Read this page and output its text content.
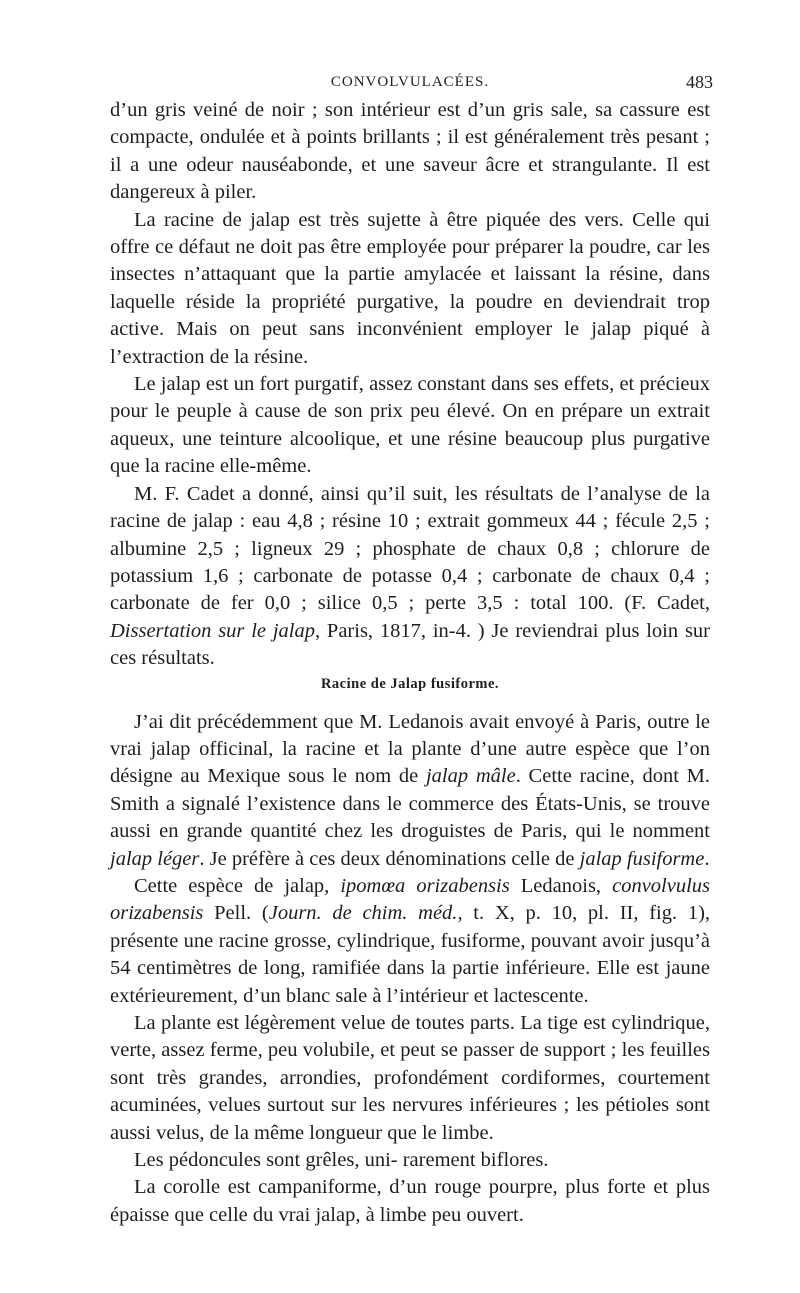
CONVOLVULACÉES.	483

d’un gris veiné de noir ; son intérieur est d’un gris sale, sa cassure est compacte, ondulée et à points brillants ; il est généralement très pesant ; il a une odeur nauséabonde, et une saveur âcre et strangulante. Il est dangereux à piler.

La racine de jalap est très sujette à être piquée des vers. Celle qui offre ce défaut ne doit pas être employée pour préparer la poudre, car les insectes n’attaquant que la partie amylacée et laissant la résine, dans laquelle réside la propriété purgative, la poudre en deviendrait trop active. Mais on peut sans inconvénient employer le jalap piqué à l’extraction de la résine.

Le jalap est un fort purgatif, assez constant dans ses effets, et précieux pour le peuple à cause de son prix peu élevé. On en prépare un extrait aqueux, une teinture alcoolique, et une résine beaucoup plus purgative que la racine elle-même.

M. F. Cadet a donné, ainsi qu’il suit, les résultats de l’analyse de la racine de jalap : eau 4,8 ; résine 10 ; extrait gommeux 44 ; fécule 2,5 ; albumine 2,5 ; ligneux 29 ; phosphate de chaux 0,8 ; chlorure de potassium 1,6 ; carbonate de potasse 0,4 ; carbonate de chaux 0,4 ; carbonate de fer 0,0 ; silice 0,5 ; perte 3,5 : total 100. (F. Cadet, Dissertation sur le jalap, Paris, 1817, in-4. ) Je reviendrai plus loin sur ces résultats.

Racine de Jalap fusiforme.

J’ai dit précédemment que M. Ledanois avait envoyé à Paris, outre le vrai jalap officinal, la racine et la plante d’une autre espèce que l’on désigne au Mexique sous le nom de jalap mâle. Cette racine, dont M. Smith a signalé l’existence dans le commerce des États-Unis, se trouve aussi en grande quantité chez les droguistes de Paris, qui le nomment jalap léger. Je préfère à ces deux dénominations celle de jalap fusiforme.

Cette espèce de jalap, ipomœa orizabensis Ledanois, convolvulus orizabensis Pell. (Journ. de chim. méd., t. X, p. 10, pl. II, fig. 1), présente une racine grosse, cylindrique, fusiforme, pouvant avoir jusqu’à 54 centimètres de long, ramifiée dans la partie inférieure. Elle est jaune extérieurement, d’un blanc sale à l’intérieur et lactescente.

La plante est légèrement velue de toutes parts. La tige est cylindrique, verte, assez ferme, peu volubile, et peut se passer de support ; les feuilles sont très grandes, arrondies, profondément cordiformes, courtement acuminées, velues surtout sur les nervures inférieures ; les pétioles sont aussi velus, de la même longueur que le limbe.

Les pédoncules sont grêles, uni- rarement biflores.

La corolle est campaniforme, d’un rouge pourpre, plus forte et plus épaisse que celle du vrai jalap, à limbe peu ouvert.
